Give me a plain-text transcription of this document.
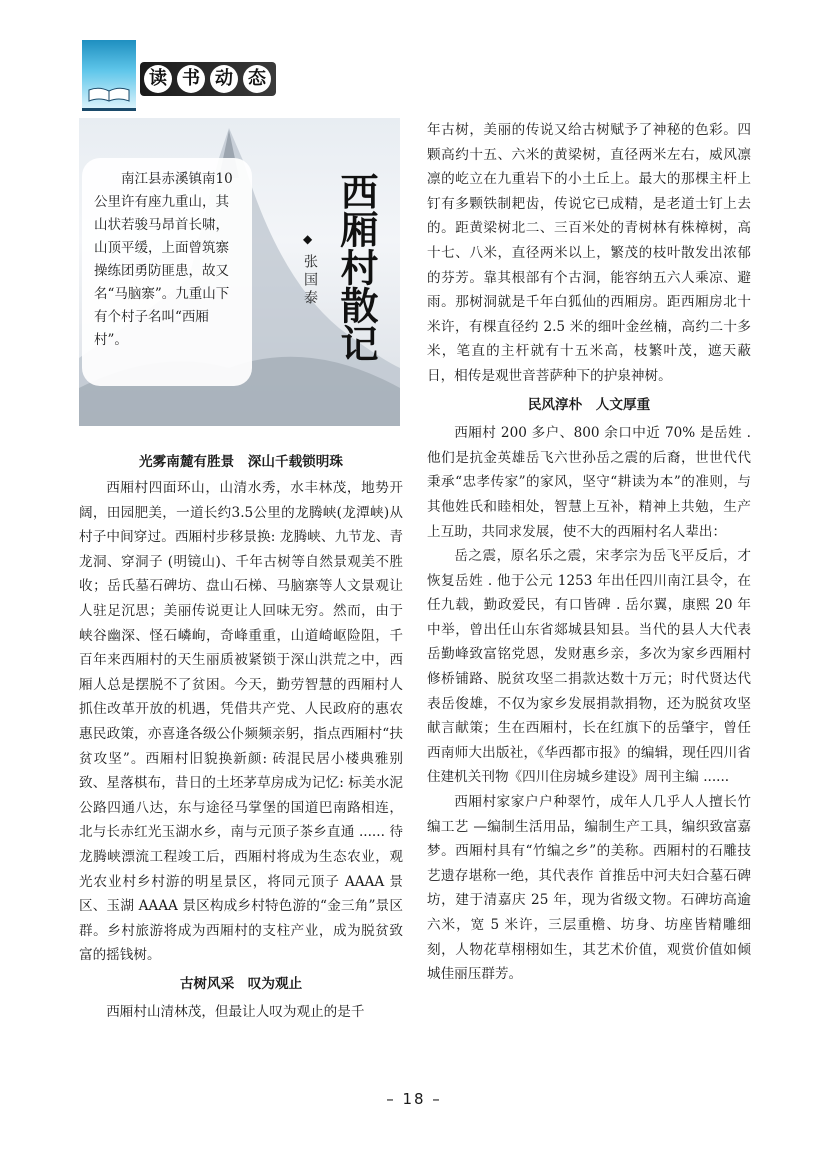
读 书 动 态
南江县赤溪镇南10公里许有座九重山，其山状若骏马昂首长啸，山顶平缓，上面曾筑寨操练团勇防匪患，故又名“马脑寨”。九重山下有个村子名叫“西厢村”。	西厢村散记
◆
张国泰
光雾南麓有胜景　深山千载锁明珠

西厢村四面环山，山清水秀，水丰林茂，地势开阔，田园肥美，一道长约3.5公里的龙腾峡(龙潭峡)从村子中间穿过。西厢村步移景换: 龙腾峡、九节龙、青龙洞、穿洞子 (明镜山)、千年古树等自然景观美不胜收；岳氏墓石碑坊、盘山石梯、马脑寨等人文景观让人驻足沉思；美丽传说更让人回味无穷。然而，由于峡谷幽深、怪石嶙峋，奇峰重重，山道崎岖险阻，千百年来西厢村的天生丽质被紧锁于深山洪荒之中，西厢人总是摆脱不了贫困。今天，勤劳智慧的西厢村人抓住改革开放的机遇，凭借共产党、人民政府的惠农惠民政策，亦喜逢各级公仆频频亲躬，指点西厢村“扶贫攻坚”。西厢村旧貌换新颜: 砖混民居小楼典雅别致、星落棋布，昔日的土坯茅草房成为记忆: 标美水泥公路四通八达，东与途径马掌堡的国道巴南路相连，北与长赤红光玉湖水乡，南与元顶子茶乡直通 ...... 待龙腾峡漂流工程竣工后，西厢村将成为生态农业，观光农业村乡村游的明星景区，将同元顶子 AAAA 景区、玉湖 AAAA 景区构成乡村特色游的“金三角”景区群。乡村旅游将成为西厢村的支柱产业，成为脱贫致富的摇钱树。

古树风采　叹为观止

西厢村山清林茂，但最让人叹为观止的是千

年古树，美丽的传说又给古树赋予了神秘的色彩。四颗高约十五、六米的黄梁树，直径两米左右，威风凛凛的屹立在九重岩下的小土丘上。最大的那棵主杆上钉有多颗铁制耙齿，传说它已成精，是老道士钉上去的。距黄梁树北二、三百米处的青树林有株樟树，高十七、八米，直径两米以上，繁茂的枝叶散发出浓郁的芬芳。靠其根部有个古洞，能容纳五六人乘凉、避雨。那树洞就是千年白狐仙的西厢房。距西厢房北十米许，有棵直径约 2.5 米的细叶金丝楠，高约二十多米，笔直的主杆就有十五米高，枝繁叶茂，遮天蔽日，相传是观世音菩萨种下的护泉神树。

民风淳朴　人文厚重

西厢村 200 多户、800 余口中近 70% 是岳姓 . 他们是抗金英雄岳飞六世孙岳之震的后裔，世世代代秉承“忠孝传家”的家风，坚守“耕读为本”的准则，与其他姓氏和睦相处，智慧上互补，精神上共勉，生产上互助，共同求发展，使不大的西厢村名人辈出：

岳之震，原名乐之震，宋孝宗为岳飞平反后，才恢复岳姓 . 他于公元 1253 年出任四川南江县令，在任九载，勤政爱民，有口皆碑 . 岳尔翼，康熙 20 年中举，曾出任山东省郯城县知县。当代的县人大代表岳勤峰致富铭党恩，发财惠乡亲，多次为家乡西厢村修桥铺路、脱贫攻坚二捐款达数十万元；时代贤达代表岳俊雄，不仅为家乡发展捐款捐物，还为脱贫攻坚献言献策；生在西厢村，长在红旗下的岳肇宇，曾任西南师大出版社，《华西都市报》的编辑，现任四川省住建机关刊物《四川住房城乡建设》周刊主编 ......

西厢村家家户户种翠竹，成年人几乎人人擅长竹编工艺 —编制生活用品，编制生产工具，编织致富嘉梦。西厢村具有“竹编之乡”的美称。西厢村的石雕技艺遗存堪称一绝，其代表作 首推岳中河夫妇合墓石碑坊，建于清嘉庆 25 年，现为省级文物。石碑坊高逾六米，宽 5 米许，三层重檐、坊身、坊座皆精雕细刻，人物花草栩栩如生，其艺术价值，观赏价值如倾城佳丽压群芳。

– 18 –
